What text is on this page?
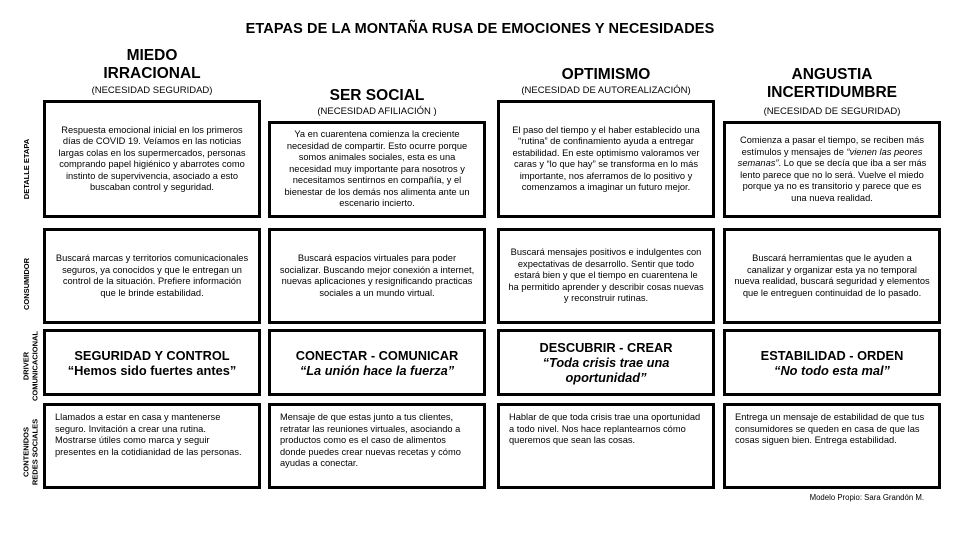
ETAPAS DE LA MONTAÑA RUSA DE EMOCIONES Y NECESIDADES
DETALLE ETAPA
CONSUMIDOR
DRIVER
COMUNICACIONAL
CONTENIDOS
REDES SOCIALES
MIEDO
IRRACIONAL
(NECESIDAD SEGURIDAD)
Respuesta emocional inicial en los primeros días de COVID 19. Veíamos en las noticias largas colas en los supermercados, personas comprando papel higiénico y abarrotes como instinto de supervivencia, asociado a esto buscaban control y seguridad.
Buscará marcas y territorios comunicacionales seguros, ya conocidos y que le entregan un control de la situación. Prefiere información que le brinde estabilidad.
SEGURIDAD Y CONTROL
“Hemos sido fuertes antes”
Llamados a estar en casa y mantenerse seguro. Invitación a crear una rutina. Mostrarse útiles como marca y seguir presentes en la cotidianidad de las personas.
SER SOCIAL
(NECESIDAD AFILIACIÓN )
Ya en cuarentena comienza la creciente necesidad de compartir. Esto ocurre porque somos animales sociales, esta es una necesidad muy importante para nosotros y necesitamos sentirnos en compañía, y el bienestar de los demás nos alimenta ante un escenario incierto.
Buscará espacios virtuales para poder socializar. Buscando mejor conexión a internet, nuevas aplicaciones y resignificando practicas sociales a un mundo virtual.
CONECTAR - COMUNICAR
“La unión hace la fuerza”
Mensaje de que estas junto a tus clientes, retratar las reuniones virtuales, asociando a productos como es el caso de alimentos donde puedes crear nuevas recetas y cómo ayudas a conectar.
OPTIMISMO
(NECESIDAD DE AUTOREALIZACIÓN)
El paso del tiempo y el haber establecido una “rutina” de confinamiento ayuda a entregar estabilidad. En este optimismo valoramos ver caras y “lo que hay” se transforma en lo más importante, nos aferramos de lo positivo y comenzamos a imaginar un futuro mejor.
Buscará mensajes positivos e indulgentes con expectativas de desarrollo. Sentir que todo estará bien y que el tiempo en cuarentena le ha permitido aprender y describir cosas nuevas y reconstruir rutinas.
DESCUBRIR - CREAR
“Toda crisis trae una oportunidad”
Hablar de que toda crisis trae una oportunidad a todo nivel. Nos hace replantearnos cómo queremos que sean las cosas.
ANGUSTIA
INCERTIDUMBRE
(NECESIDAD DE SEGURIDAD)
Comienza a pasar el tiempo, se reciben más estímulos y mensajes de “vienen las peores semanas”. Lo que se decía que iba a ser más lento parece que no lo será. Vuelve el miedo porque ya no es transitorio y parece que es una nueva realidad.
Buscará herramientas que le ayuden a canalizar y organizar esta ya no temporal nueva realidad, buscará seguridad y elementos que le entreguen continuidad de lo pasado.
ESTABILIDAD - ORDEN
“No todo esta mal”
Entrega un mensaje de estabilidad de que tus consumidores se queden en casa de que las cosas siguen bien. Entrega estabilidad.
Modelo Propio: Sara Grandón M.
